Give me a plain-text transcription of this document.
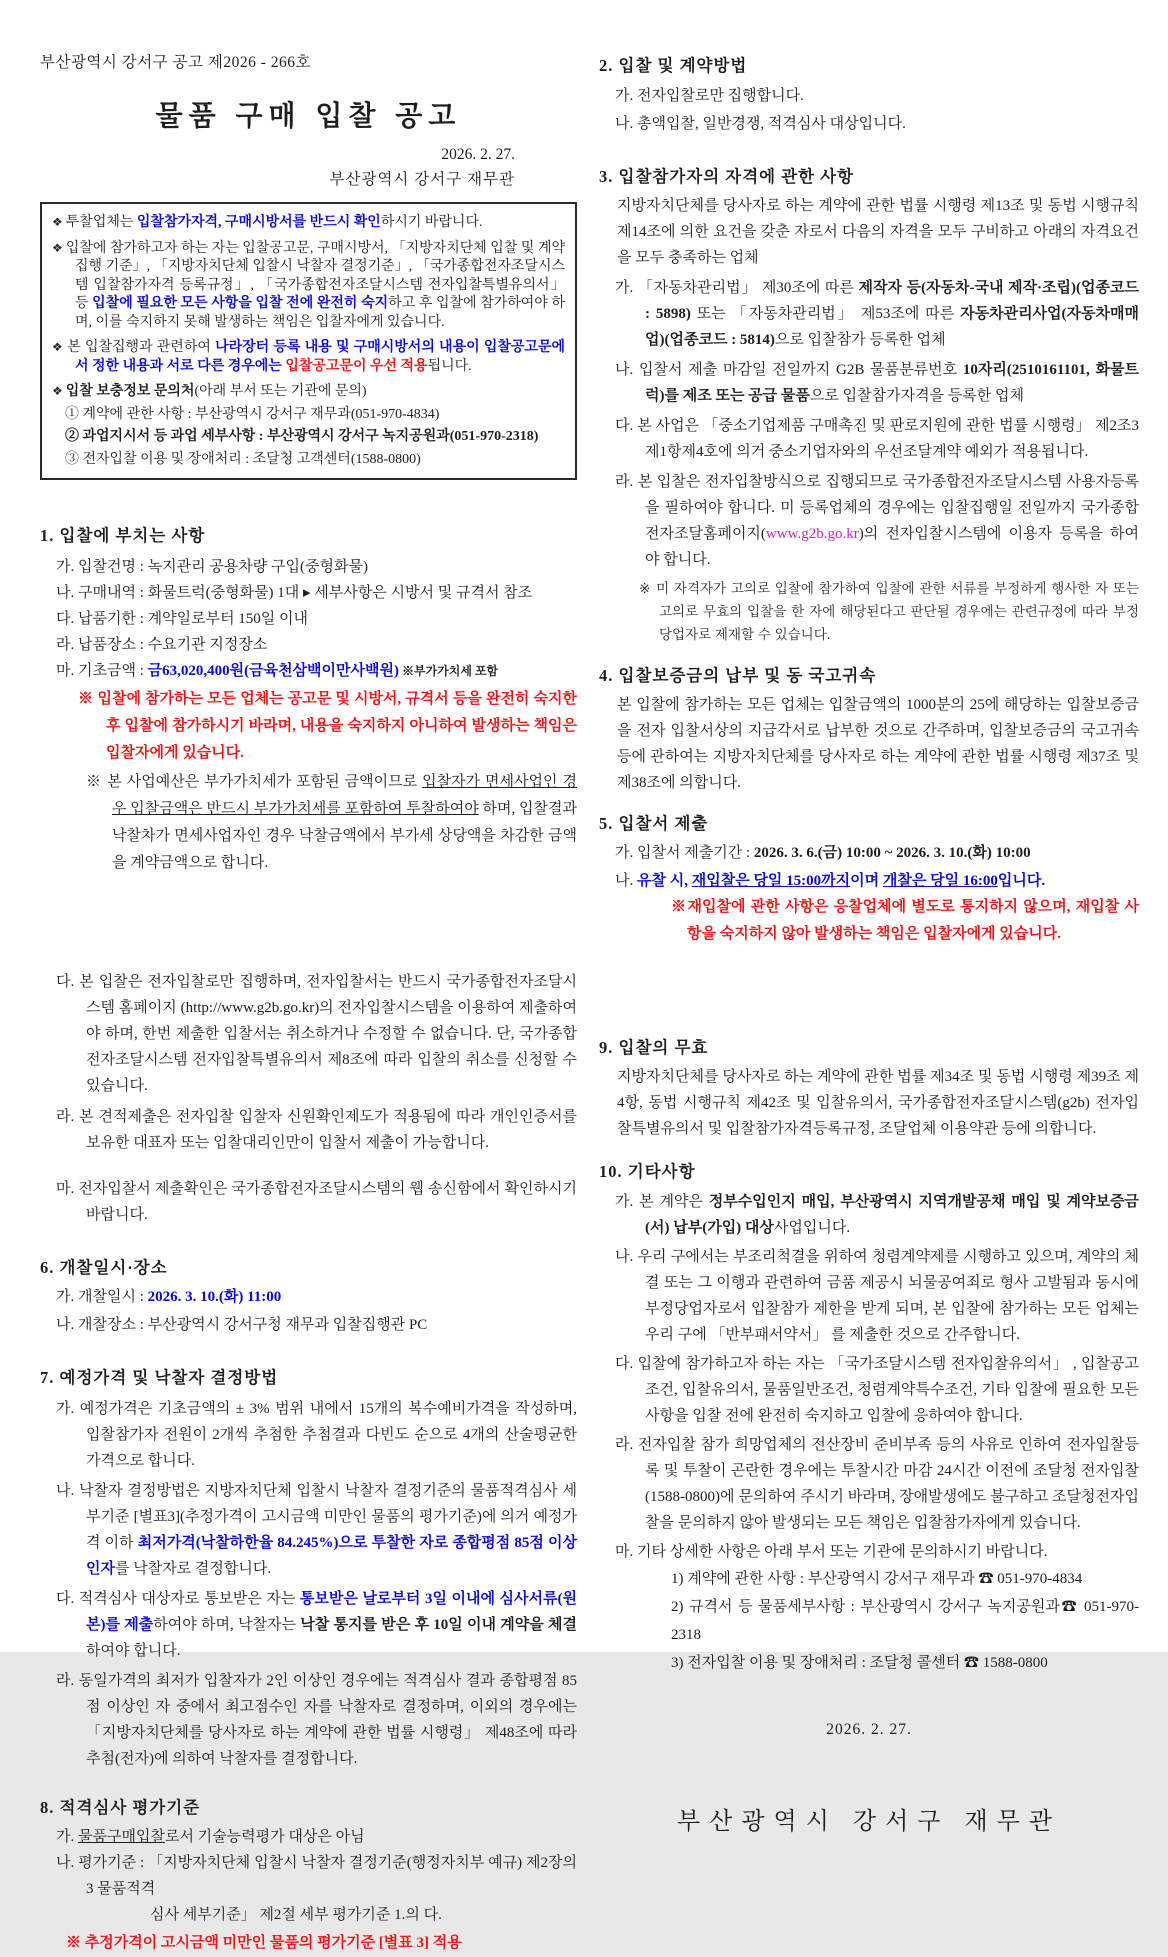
부산광역시 강서구 공고 제2026 - 266호
물품 구매 입찰 공고
2026. 2. 27.
부산광역시 강서구 재무관
❖ 투찰업체는 입찰참가자격, 구매시방서를 반드시 확인하시기 바랍니다.
❖ 입찰에 참가하고자 하는 자는 입찰공고문, 구매시방서, 「지방자치단체 입찰 및 계약집행 기준」, 「지방자치단체 입찰시 낙찰자 결정기준」, 「국가종합전자조달시스템 입찰참가자격 등록규정」, 「국가종합전자조달시스템 전자입찰특별유의서」 등 입찰에 필요한 모든 사항을 입찰 전에 완전히 숙지하고 후 입찰에 참가하여야 하며, 이를 숙지하지 못해 발생하는 책임은 입찰자에게 있습니다.
❖ 본 입찰집행과 관련하여 나라장터 등록 내용 및 구매시방서의 내용이 입찰공고문에서 정한 내용과 서로 다른 경우에는 입찰공고문이 우선 적용됩니다.
❖ 입찰 보충정보 문의처(아래 부서 또는 기관에 문의)
① 계약에 관한 사항 : 부산광역시 강서구 재무과(051-970-4834)
② 과업지시서 등 과업 세부사항 : 부산광역시 강서구 녹지공원과(051-970-2318)
③ 전자입찰 이용 및 장애처리 : 조달청 고객센터(1588-0800)
1. 입찰에 부치는 사항
가. 입찰건명 : 녹지관리 공용차량 구입(중형화물)
나. 구매내역 : 화물트럭(중형화물) 1대 ▸ 세부사항은 시방서 및 규격서 참조
다. 납품기한 : 계약일로부터 150일 이내
라. 납품장소 : 수요기관 지정장소
마. 기초금액 : 금63,020,400원(금육천삼백이만사백원) ※부가가치세 포함
※ 입찰에 참가하는 모든 업체는 공고문 및 시방서, 규격서 등을 완전히 숙지한 후 입찰에 참가하시기 바라며, 내용을 숙지하지 아니하여 발생하는 책임은 입찰자에게 있습니다.
※ 본 사업예산은 부가가치세가 포함된 금액이므로 입찰자가 면세사업인 경우 입찰금액은 반드시 부가가치세를 포함하여 투찰하여야 하며, 입찰결과 낙찰차가 면세사업자인 경우 낙찰금액에서 부가세 상당액을 차감한 금액을 계약금액으로 합니다.
다. 본 입찰은 전자입찰로만 집행하며, 전자입찰서는 반드시 국가종합전자조달시스템 홈페이지 (http://www.g2b.go.kr)의 전자입찰시스템을 이용하여 제출하여야 하며, 한번 제출한 입찰서는 취소하거나 수정할 수 없습니다. 단, 국가종합전자조달시스템 전자입찰특별유의서 제8조에 따라 입찰의 취소를 신청할 수 있습니다.
라. 본 견적제출은 전자입찰 입찰자 신원확인제도가 적용됨에 따라 개인인증서를 보유한 대표자 또는 입찰대리인만이 입찰서 제출이 가능합니다.
마. 전자입찰서 제출확인은 국가종합전자조달시스템의 웹 송신함에서 확인하시기 바랍니다.
6. 개찰일시·장소
가. 개찰일시 : 2026. 3. 10.(화) 11:00
나. 개찰장소 : 부산광역시 강서구청 재무과 입찰집행관 PC
7. 예정가격 및 낙찰자 결정방법
가. 예정가격은 기초금액의 ± 3% 범위 내에서 15개의 복수예비가격을 작성하며, 입찰참가자 전원이 2개씩 추첨한 추첨결과 다빈도 순으로 4개의 산술평균한 가격으로 합니다.
나. 낙찰자 결정방법은 지방자치단체 입찰시 낙찰자 결정기준의 물품적격심사 세부기준 [별표3](추정가격이 고시금액 미만인 물품의 평가기준)에 의거 예정가격 이하 최저가격(낙찰하한율 84.245%)으로 투찰한 자로 종합평점 85점 이상인자를 낙찰자로 결정합니다.
다. 적격심사 대상자로 통보받은 자는 통보받은 날로부터 3일 이내에 심사서류(원본)를 제출하여야 하며, 낙찰자는 낙찰 통지를 받은 후 10일 이내 계약을 체결하여야 합니다.
라. 동일가격의 최저가 입찰자가 2인 이상인 경우에는 적격심사 결과 종합평점 85점 이상인 자 중에서 최고점수인 자를 낙찰자로 결정하며, 이외의 경우에는 「지방자치단체를 당사자로 하는 계약에 관한 법률 시행령」 제48조에 따라 추첨(전자)에 의하여 낙찰자를 결정합니다.
8. 적격심사 평가기준
가. 물품구매입찰로서 기술능력평가 대상은 아님
나. 평가기준 : 「지방자치단체 입찰시 낙찰자 결정기준(행정자치부 예규) 제2장의3 물품적격
심사 세부기준」 제2절 세부 평가기준 1.의 다.
※ 추정가격이 고시금액 미만인 물품의 평가기준 [별표 3] 적용
2. 입찰 및 계약방법
가. 전자입찰로만 집행합니다.
나. 총액입찰, 일반경쟁, 적격심사 대상입니다.
3. 입찰참가자의 자격에 관한 사항
지방자치단체를 당사자로 하는 계약에 관한 법률 시행령 제13조 및 동법 시행규칙 제14조에 의한 요건을 갖춘 자로서 다음의 자격을 모두 구비하고 아래의 자격요건을 모두 충족하는 업체
가. 「자동차관리법」 제30조에 따른 제작자 등(자동차-국내 제작·조립)(업종코드 : 5898) 또는 「자동차관리법」 제53조에 따른 자동차관리사업(자동차매매업)(업종코드 : 5814)으로 입찰참가 등록한 업체
나. 입찰서 제출 마감일 전일까지 G2B 물품분류번호 10자리(2510161101, 화물트럭)를 제조 또는 공급 물품으로 입찰참가자격을 등록한 업체
다. 본 사업은 「중소기업제품 구매촉진 및 판로지원에 관한 법률 시행령」 제2조3 제1항제4호에 의거 중소기업자와의 우선조달계약 예외가 적용됩니다.
라. 본 입찰은 전자입찰방식으로 집행되므로 국가종합전자조달시스템 사용자등록을 필하여야 합니다. 미 등록업체의 경우에는 입찰집행일 전일까지 국가종합전자조달홈페이지(www.g2b.go.kr)의 전자입찰시스템에 이용자 등록을 하여야 합니다.
※ 미 자격자가 고의로 입찰에 참가하여 입찰에 관한 서류를 부정하게 행사한 자 또는 고의로 무효의 입찰을 한 자에 해당된다고 판단될 경우에는 관련규정에 따라 부정당업자로 제재할 수 있습니다.
4. 입찰보증금의 납부 및 동 국고귀속
본 입찰에 참가하는 모든 업체는 입찰금액의 1000분의 25에 해당하는 입찰보증금을 전자 입찰서상의 지급각서로 납부한 것으로 간주하며, 입찰보증금의 국고귀속 등에 관하여는 지방자치단체를 당사자로 하는 계약에 관한 법률 시행령 제37조 및 제38조에 의합니다.
5. 입찰서 제출
가. 입찰서 제출기간 : 2026. 3. 6.(금) 10:00 ~ 2026. 3. 10.(화) 10:00
나. 유찰 시, 재입찰은 당일 15:00까지이며 개찰은 당일 16:00입니다.
※재입찰에 관한 사항은 응찰업체에 별도로 통지하지 않으며, 재입찰 사항을 숙지하지 않아 발생하는 책임은 입찰자에게 있습니다.
9. 입찰의 무효
지방자치단체를 당사자로 하는 계약에 관한 법률 제34조 및 동법 시행령 제39조 제4항, 동법 시행규칙 제42조 및 입찰유의서, 국가종합전자조달시스템(g2b) 전자입찰특별유의서 및 입찰참가자격등록규정, 조달업체 이용약관 등에 의합니다.
10. 기타사항
가. 본 계약은 정부수입인지 매입, 부산광역시 지역개발공채 매입 및 계약보증금(서) 납부(가입) 대상사업입니다.
나. 우리 구에서는 부조리척결을 위하여 청렴계약제를 시행하고 있으며, 계약의 체결 또는 그 이행과 관련하여 금품 제공시 뇌물공여죄로 형사 고발됨과 동시에 부정당업자로서 입찰참가 제한을 받게 되며, 본 입찰에 참가하는 모든 업체는 우리 구에 「반부패서약서」 를 제출한 것으로 간주합니다.
다. 입찰에 참가하고자 하는 자는 「국가조달시스템 전자입찰유의서」 , 입찰공고 조건, 입찰유의서, 물품일반조건, 청렴계약특수조건, 기타 입찰에 필요한 모든 사항을 입찰 전에 완전히 숙지하고 입찰에 응하여야 합니다.
라. 전자입찰 참가 희망업체의 전산장비 준비부족 등의 사유로 인하여 전자입찰등록 및 투찰이 곤란한 경우에는 투찰시간 마감 24시간 이전에 조달청 전자입찰 (1588-0800)에 문의하여 주시기 바라며, 장애발생에도 불구하고 조달청전자입찰을 문의하지 않아 발생되는 모든 책임은 입찰참가자에게 있습니다.
마. 기타 상세한 사항은 아래 부서 또는 기관에 문의하시기 바랍니다.
1) 계약에 관한 사항 : 부산광역시 강서구 재무과 ☎ 051-970-4834
2) 규격서 등 물품세부사항 : 부산광역시 강서구 녹지공원과☎ 051-970-2318
3) 전자입찰 이용 및 장애처리 : 조달청 콜센터 ☎ 1588-0800
2026. 2. 27.
부산광역시 강서구 재무관
